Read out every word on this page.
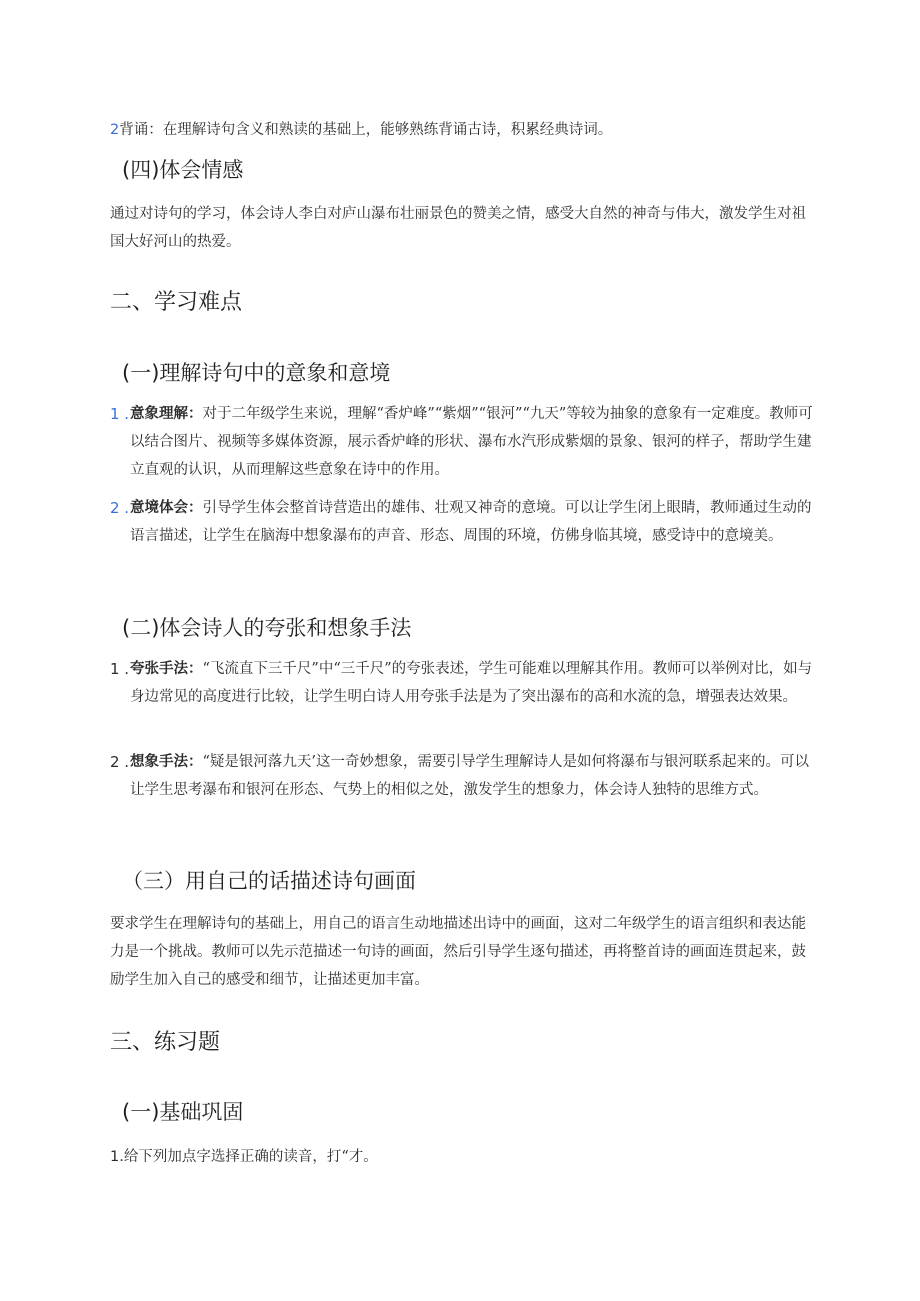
2背诵：在理解诗句含义和熟读的基础上，能够熟练背诵古诗，积累经典诗词。

(四)体会情感

通过对诗句的学习，体会诗人李白对庐山瀑布壮丽景色的赞美之情，感受大自然的神奇与伟大，激发学生对祖国大好河山的热爱。

二、学习难点

(一)理解诗句中的意象和意境

1 . 意象理解：对于二年级学生来说，理解“香炉峰”“紫烟”“银河”“九天”等较为抽象的意象有一定难度。教师可以结合图片、视频等多媒体资源，展示香炉峰的形状、瀑布水汽形成紫烟的景象、银河的样子，帮助学生建立直观的认识，从而理解这些意象在诗中的作用。
2 . 意境体会：引导学生体会整首诗营造出的雄伟、壮观又神奇的意境。可以让学生闭上眼睛，教师通过生动的语言描述，让学生在脑海中想象瀑布的声音、形态、周围的环境，仿佛身临其境，感受诗中的意境美。

(二)体会诗人的夸张和想象手法

1 . 夸张手法：“飞流直下三千尺”中“三千尺”的夸张表述，学生可能难以理解其作用。教师可以举例对比，如与身边常见的高度进行比较，让学生明白诗人用夸张手法是为了突出瀑布的高和水流的急，增强表达效果。
2 . 想象手法：“疑是银河落九天’这一奇妙想象，需要引导学生理解诗人是如何将瀑布与银河联系起来的。可以让学生思考瀑布和银河在形态、气势上的相似之处，激发学生的想象力，体会诗人独特的思维方式。

（三）用自己的话描述诗句画面

要求学生在理解诗句的基础上，用自己的语言生动地描述出诗中的画面，这对二年级学生的语言组织和表达能力是一个挑战。教师可以先示范描述一句诗的画面，然后引导学生逐句描述，再将整首诗的画面连贯起来，鼓励学生加入自己的感受和细节，让描述更加丰富。

三、练习题

(一)基础巩固

1.给下列加点字选择正确的读音，打“才。
